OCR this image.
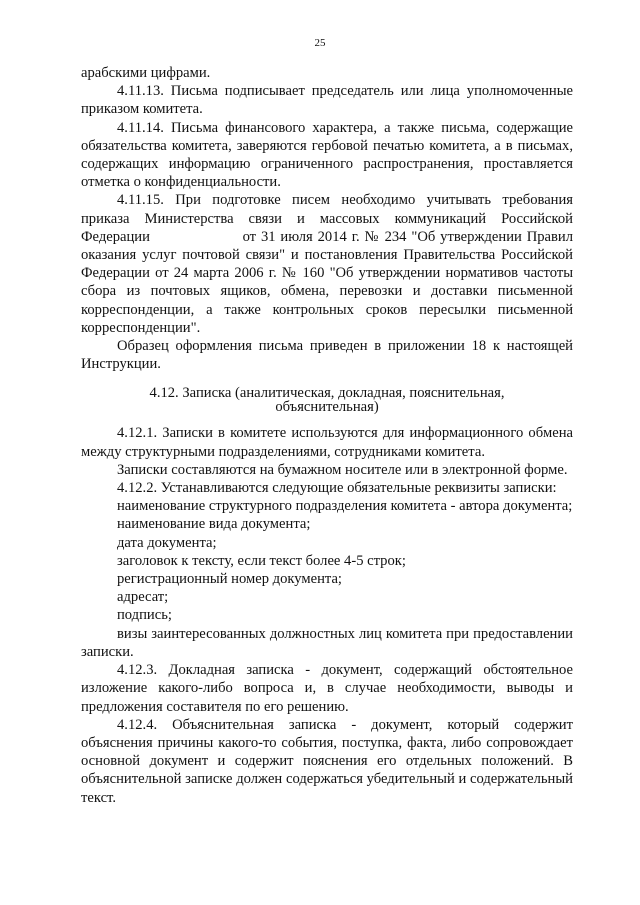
25

арабскими цифрами.

4.11.13. Письма подписывает председатель или лица уполномоченные приказом комитета.

4.11.14. Письма финансового характера, а также письма, содержащие обязательства комитета, заверяются гербовой печатью комитета, а в письмах, содержащих информацию ограниченного распространения, проставляется отметка о конфиденциальности.

4.11.15. При подготовке писем необходимо учитывать требования приказа Министерства связи и массовых коммуникаций Российской Федерации                   от 31 июля 2014 г. № 234 "Об утверждении Правил оказания услуг почтовой связи" и постановления Правительства Российской Федерации от 24 марта 2006 г. № 160 "Об утверждении нормативов частоты сбора из почтовых ящиков, обмена, перевозки и доставки письменной корреспонденции, а также контрольных сроков пересылки письменной корреспонденции".

Образец оформления письма приведен в приложении 18 к настоящей Инструкции.

4.12. Записка (аналитическая, докладная, пояснительная, объяснительная)

4.12.1. Записки в комитете используются для информационного обмена между структурными подразделениями, сотрудниками комитета.

Записки составляются на бумажном носителе или в электронной форме.

4.12.2. Устанавливаются следующие обязательные реквизиты записки:

наименование структурного подразделения комитета - автора документа;

наименование вида документа;

дата документа;

заголовок к тексту, если текст более 4-5 строк;

регистрационный номер документа;

адресат;

подпись;

визы заинтересованных должностных лиц комитета при предоставлении записки.

4.12.3. Докладная записка - документ, содержащий обстоятельное изложение какого-либо вопроса и, в случае необходимости, выводы и предложения составителя по его решению.

4.12.4. Объяснительная записка - документ, который содержит объяснения причины какого-то события, поступка, факта, либо сопровождает основной документ и содержит пояснения его отдельных положений. В объяснительной записке должен содержаться убедительный и содержательный текст.
